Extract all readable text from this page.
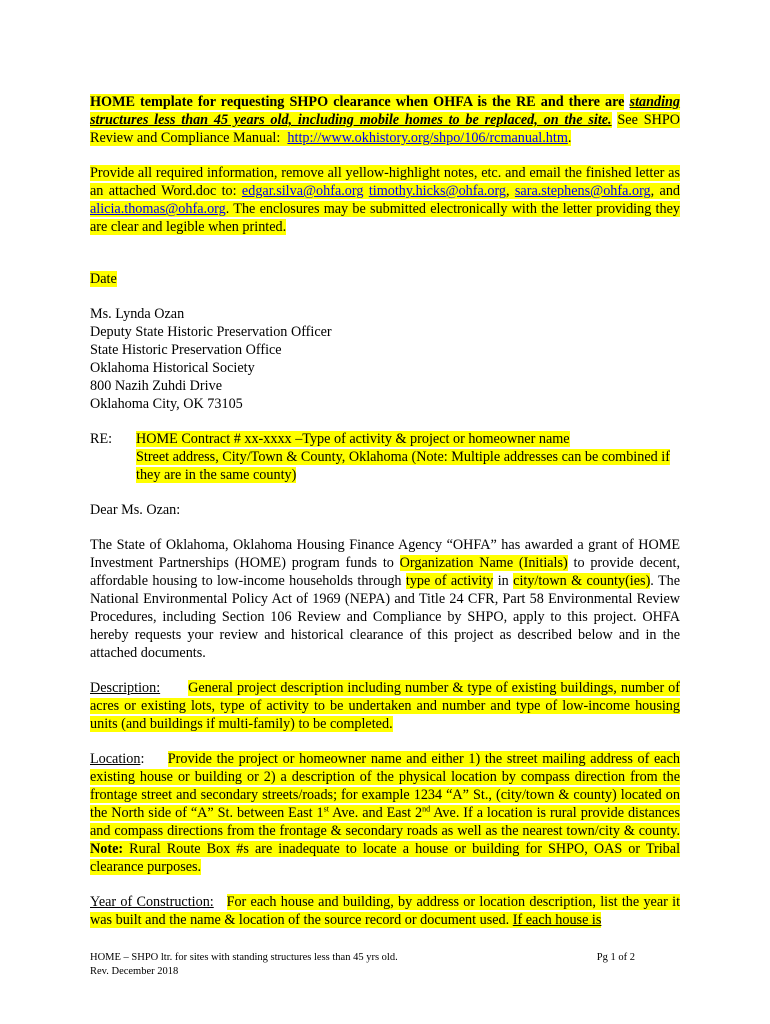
HOME template for requesting SHPO clearance when OHFA is the RE and there are standing structures less than 45 years old, including mobile homes to be replaced, on the site. See SHPO Review and Compliance Manual: http://www.okhistory.org/shpo/106/rcmanual.htm.

Provide all required information, remove all yellow-highlight notes, etc. and email the finished letter as an attached Word.doc to: edgar.silva@ohfa.org timothy.hicks@ohfa.org, sara.stephens@ohfa.org, and alicia.thomas@ohfa.org. The enclosures may be submitted electronically with the letter providing they are clear and legible when printed.

Date

Ms. Lynda Ozan

Deputy State Historic Preservation Officer

State Historic Preservation Office

Oklahoma Historical Society

800 Nazih Zuhdi Drive

Oklahoma City, OK 73105

RE:	HOME Contract # xx-xxxx –Type of activity & project or homeowner name
Street address, City/Town & County, Oklahoma (Note: Multiple addresses can be combined if they are in the same county)

Dear Ms. Ozan:

The State of Oklahoma, Oklahoma Housing Finance Agency “OHFA” has awarded a grant of HOME Investment Partnerships (HOME) program funds to Organization Name (Initials) to provide decent, affordable housing to low-income households through type of activity in city/town & county(ies). The National Environmental Policy Act of 1969 (NEPA) and Title 24 CFR, Part 58 Environmental Review Procedures, including Section 106 Review and Compliance by SHPO, apply to this project. OHFA hereby requests your review and historical clearance of this project as described below and in the attached documents.

Description: General project description including number & type of existing buildings, number of acres or existing lots, type of activity to be undertaken and number and type of low-income housing units (and buildings if multi-family) to be completed.

Location: Provide the project or homeowner name and either 1) the street mailing address of each existing house or building or 2) a description of the physical location by compass direction from the frontage street and secondary streets/roads; for example 1234 “A” St., (city/town & county) located on the North side of “A” St. between East 1st Ave. and East 2nd Ave. If a location is rural provide distances and compass directions from the frontage & secondary roads as well as the nearest town/city & county. Note: Rural Route Box #s are inadequate to locate a house or building for SHPO, OAS or Tribal clearance purposes.

Year of Construction: For each house and building, by address or location description, list the year it was built and the name & location of the source record or document used. If each house is

HOME – SHPO ltr. for sites with standing structures less than 45 yrs old.	Pg 1 of 2
Rev. December 2018
